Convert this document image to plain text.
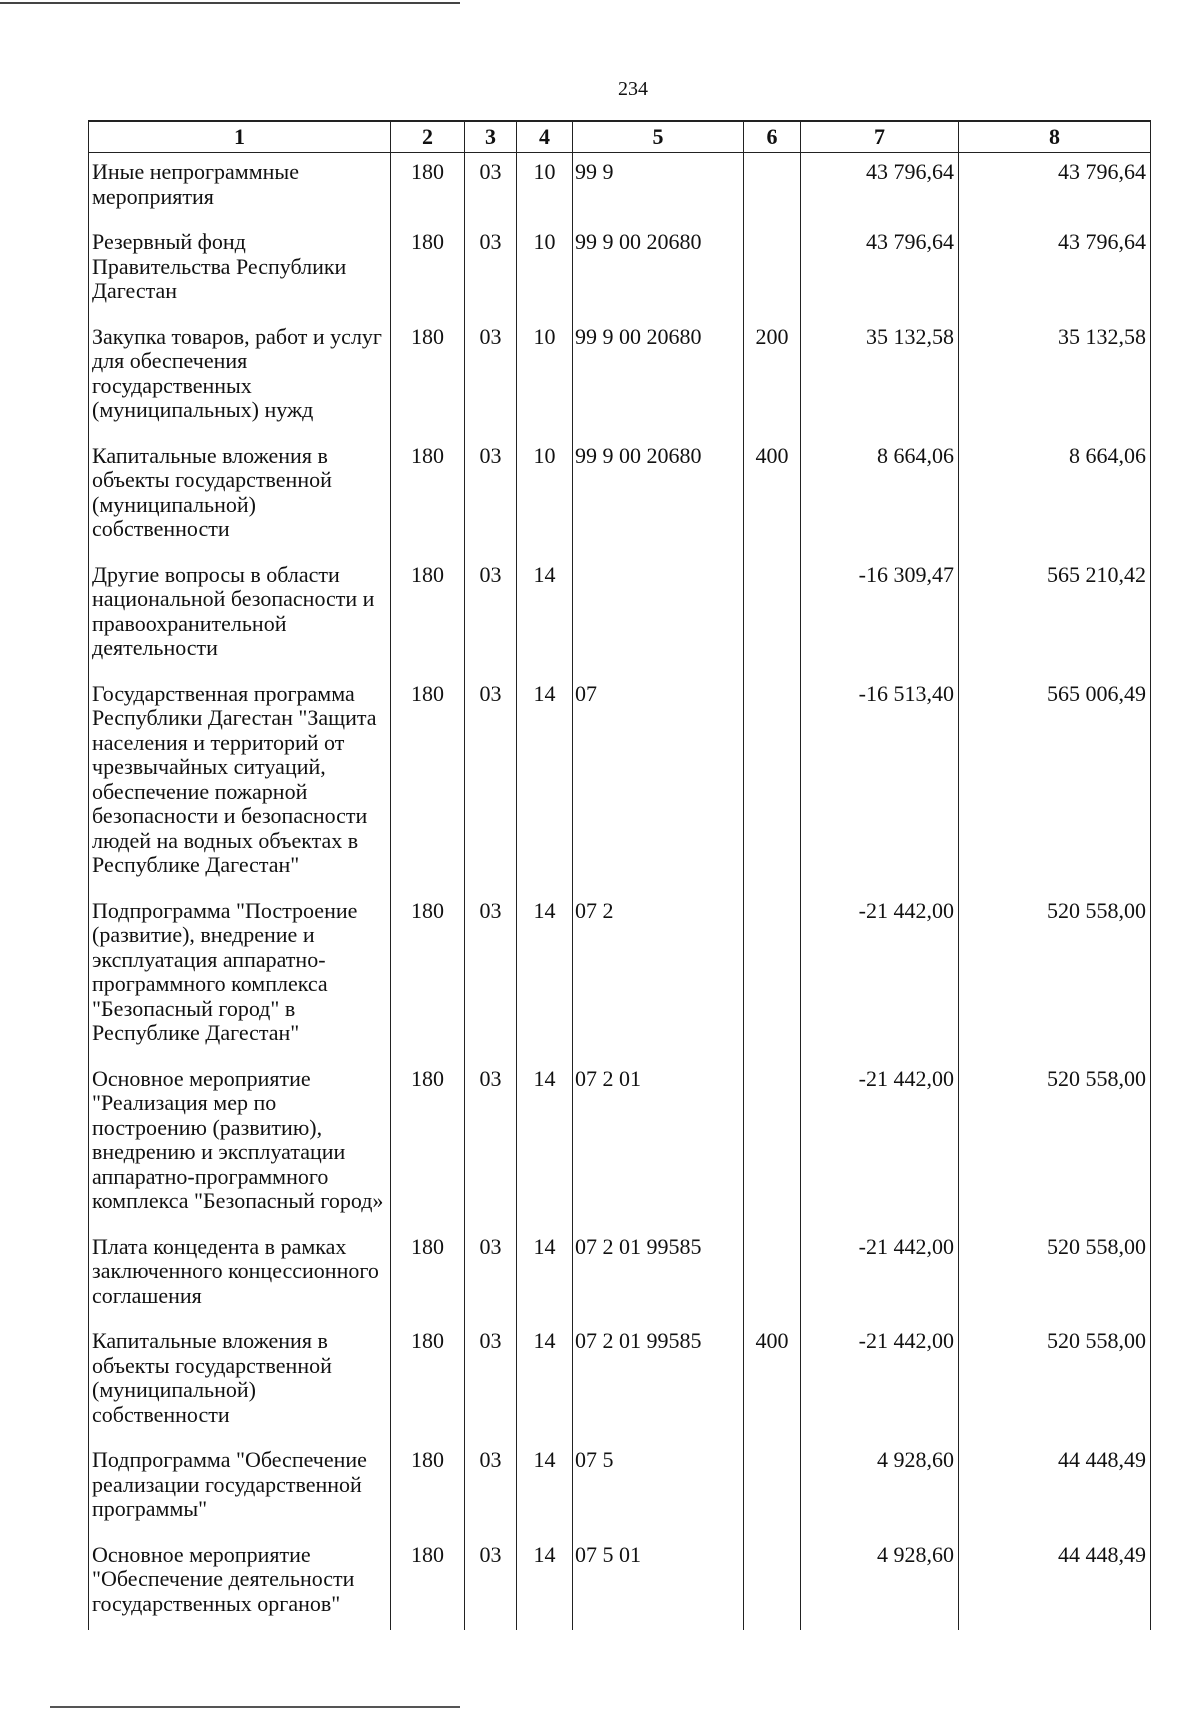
234
1	2	3	4	5	6	7	8
Иные непрограммные мероприятия	180	03	10	99 9		43 796,64	43 796,64
Резервный фонд Правительства Республики Дагестан	180	03	10	99 9 00 20680		43 796,64	43 796,64
Закупка товаров, работ и услуг для обеспечения государственных (муниципальных) нужд	180	03	10	99 9 00 20680	200	35 132,58	35 132,58
Капитальные вложения в объекты государственной (муниципальной) собственности	180	03	10	99 9 00 20680	400	8 664,06	8 664,06
Другие вопросы в области национальной безопасности и правоохранительной деятельности	180	03	14			-16 309,47	565 210,42
Государственная программа Республики Дагестан "Защита населения и территорий от чрезвычайных ситуаций, обеспечение пожарной безопасности и безопасности людей на водных объектах в Республике Дагестан"	180	03	14	07		-16 513,40	565 006,49
Подпрограмма "Построение (развитие), внедрение и эксплуатация аппаратно-программного комплекса "Безопасный город" в Республике Дагестан"	180	03	14	07 2		-21 442,00	520 558,00
Основное мероприятие "Реализация мер по построению (развитию), внедрению и эксплуатации аппаратно-программного комплекса "Безопасный город»	180	03	14	07 2 01		-21 442,00	520 558,00
Плата концедента в рамках заключенного концессионного соглашения	180	03	14	07 2 01 99585		-21 442,00	520 558,00
Капитальные вложения в объекты государственной (муниципальной) собственности	180	03	14	07 2 01 99585	400	-21 442,00	520 558,00
Подпрограмма "Обеспечение реализации государственной программы"	180	03	14	07 5		4 928,60	44 448,49
Основное мероприятие "Обеспечение деятельности государственных органов"	180	03	14	07 5 01		4 928,60	44 448,49
